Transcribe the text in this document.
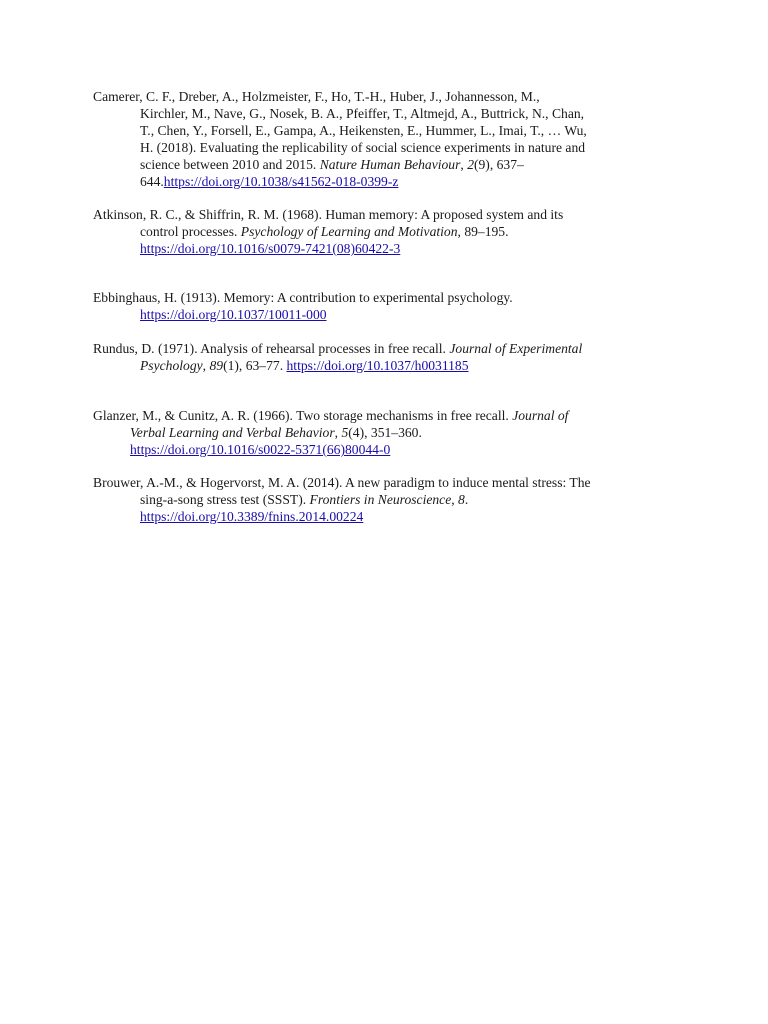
Camerer, C. F., Dreber, A., Holzmeister, F., Ho, T.-H., Huber, J., Johannesson, M.,
Kirchler, M., Nave, G., Nosek, B. A., Pfeiffer, T., Altmejd, A., Buttrick, N., Chan,
T., Chen, Y., Forsell, E., Gampa, A., Heikensten, E., Hummer, L., Imai, T., … Wu,
H. (2018). Evaluating the replicability of social science experiments in nature and
science between 2010 and 2015. Nature Human Behaviour, 2(9), 637–
644.https://doi.org/10.1038/s41562-018-0399-z
Atkinson, R. C., & Shiffrin, R. M. (1968). Human memory: A proposed system and its
control processes. Psychology of Learning and Motivation, 89–195.
https://doi.org/10.1016/s0079-7421(08)60422-3
Ebbinghaus, H. (1913). Memory: A contribution to experimental psychology.
https://doi.org/10.1037/10011-000
Rundus, D. (1971). Analysis of rehearsal processes in free recall. Journal of Experimental
Psychology, 89(1), 63–77. https://doi.org/10.1037/h0031185
Glanzer, M., & Cunitz, A. R. (1966). Two storage mechanisms in free recall. Journal of
Verbal Learning and Verbal Behavior, 5(4), 351–360.
https://doi.org/10.1016/s0022-5371(66)80044-0
Brouwer, A.-M., & Hogervorst, M. A. (2014). A new paradigm to induce mental stress: The
sing-a-song stress test (SSST). Frontiers in Neuroscience, 8.
https://doi.org/10.3389/fnins.2014.00224
